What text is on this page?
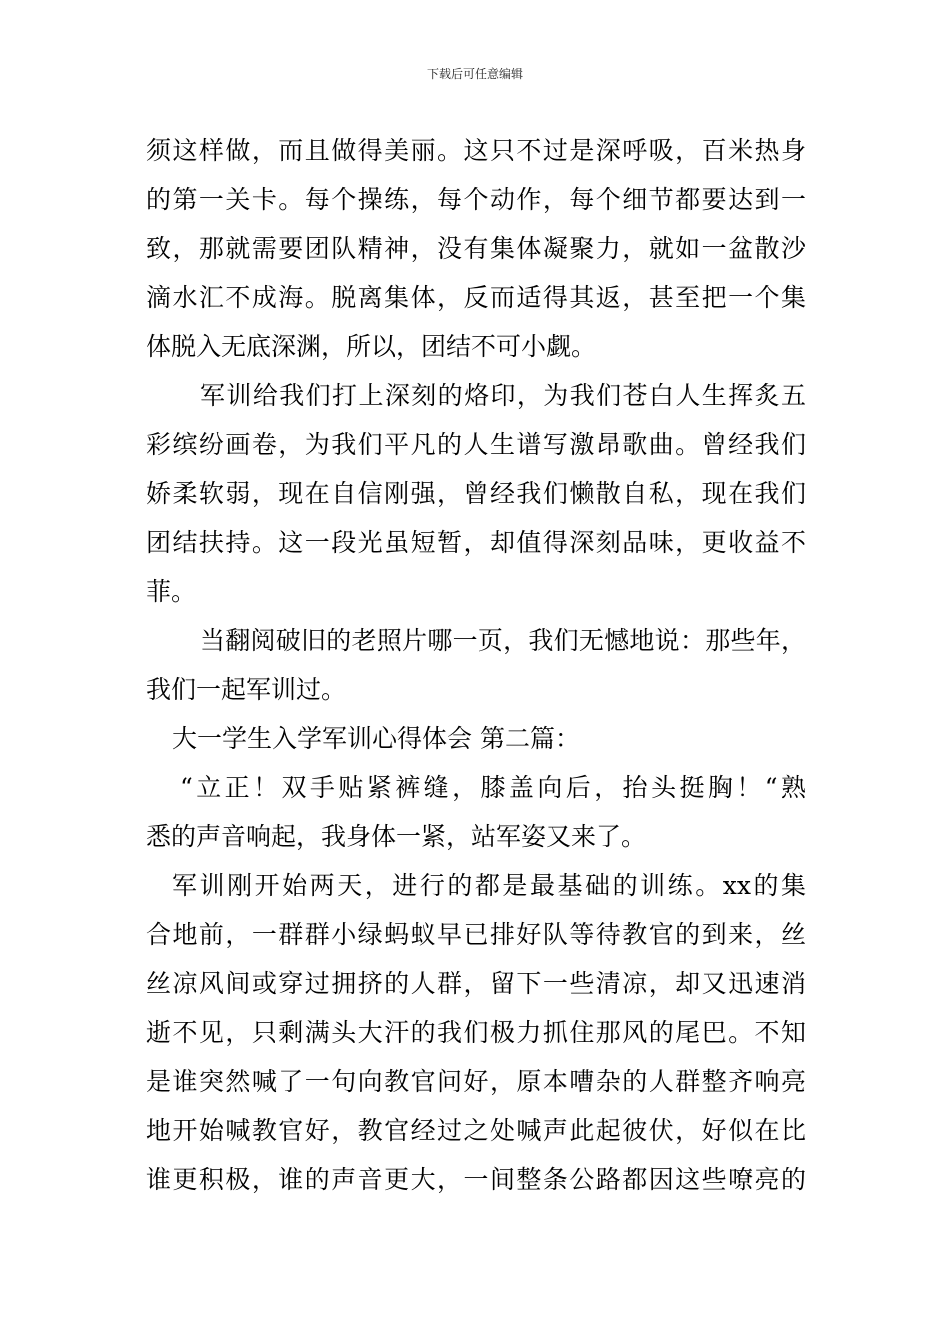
下载后可任意编辑
须这样做，而且做得美丽。这只不过是深呼吸，百米热身
的第一关卡。每个操练，每个动作，每个细节都要达到一
致，那就需要团队精神，没有集体凝聚力，就如一盆散沙
滴水汇不成海。脱离集体，反而适得其返，甚至把一个集
体脱入无底深渊，所以，团结不可小觑。
军训给我们打上深刻的烙印，为我们苍白人生挥炙五
彩缤纷画卷，为我们平凡的人生谱写激昂歌曲。曾经我们
娇柔软弱，现在自信刚强，曾经我们懒散自私，现在我们
团结扶持。这一段光虽短暂，却值得深刻品味，更收益不
菲。
当翻阅破旧的老照片哪一页，我们无憾地说：那些年，
我们一起军训过。
大一学生入学军训心得体会 第二篇：
“立正！双手贴紧裤缝，膝盖向后，抬头挺胸！“熟
悉的声音响起，我身体一紧，站军姿又来了。
军训刚开始两天，进行的都是最基础的训练。xx的集
合地前，一群群小绿蚂蚁早已排好队等待教官的到来，丝
丝凉风间或穿过拥挤的人群，留下一些清凉，却又迅速消
逝不见，只剩满头大汗的我们极力抓住那风的尾巴。不知
是谁突然喊了一句向教官问好，原本嘈杂的人群整齐响亮
地开始喊教官好，教官经过之处喊声此起彼伏，好似在比
谁更积极，谁的声音更大，一间整条公路都因这些嘹亮的
